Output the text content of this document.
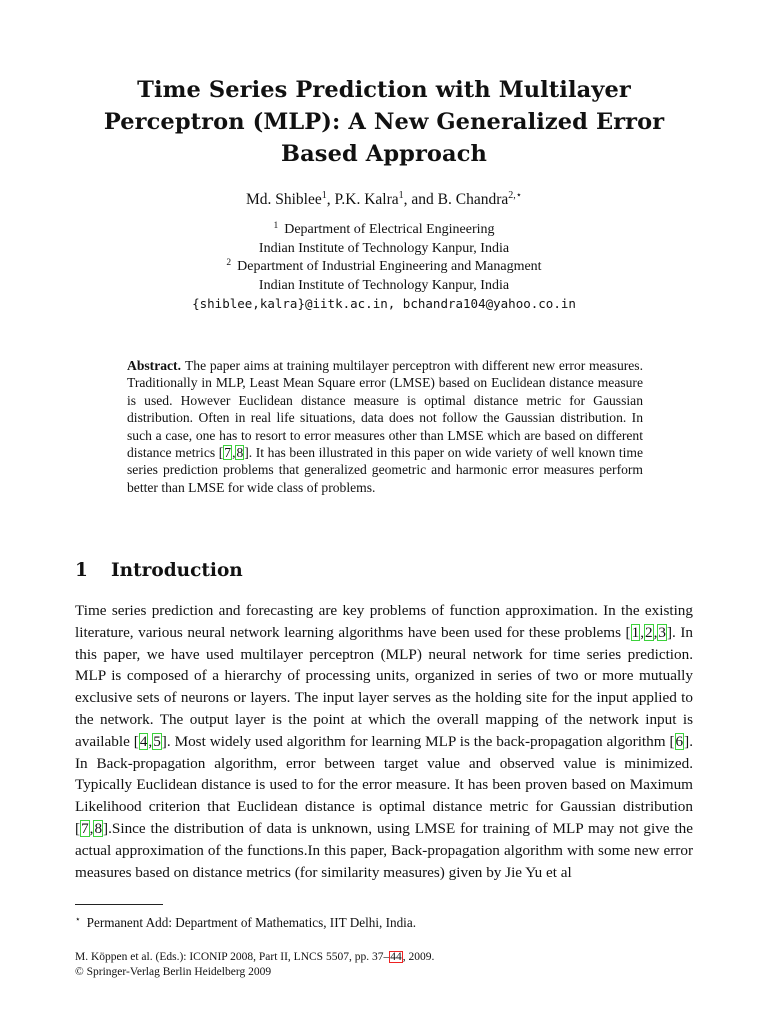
Time Series Prediction with Multilayer
Perceptron (MLP): A New Generalized Error
Based Approach
Md. Shiblee$^1$, P.K. Kalra$^1$, and B. Chandra$^{2,⋆}$
$^1$ Department of Electrical Engineering
Indian Institute of Technology Kanpur, India
$^2$ Department of Industrial Engineering and Managment
Indian Institute of Technology Kanpur, India
{shiblee,kalra}@iitk.ac.in, bchandra104@yahoo.co.in
Abstract. The paper aims at training multilayer perceptron with different new error measures. Traditionally in MLP, Least Mean Square error (LMSE) based on Euclidean distance measure is used. However Euclidean distance measure is optimal distance metric for Gaussian distribution. Often in real life situations, data does not follow the Gaussian distribution. In such a case, one has to resort to error measures other than LMSE which are based on different distance metrics [7,8]. It has been illustrated in this paper on wide variety of well known time series prediction problems that generalized geometric and harmonic error measures perform better than LMSE for wide class of problems.
1 Introduction
Time series prediction and forecasting are key problems of function approximation. In the existing literature, various neural network learning algorithms have been used for these problems [1,2,3]. In this paper, we have used multilayer perceptron (MLP) neural network for time series prediction. MLP is composed of a hierarchy of processing units, organized in series of two or more mutually exclusive sets of neurons or layers. The input layer serves as the holding site for the input applied to the network. The output layer is the point at which the overall mapping of the network input is available [4,5]. Most widely used algorithm for learning MLP is the back-propagation algorithm [6]. In Back-propagation algorithm, error between target value and observed value is minimized. Typically Euclidean distance is used to for the error measure. It has been proven based on Maximum Likelihood criterion that Euclidean distance is optimal distance metric for Gaussian distribution [7,8].Since the distribution of data is unknown, using LMSE for training of MLP may not give the actual approximation of the functions.In this paper, Back-propagation algorithm with some new error measures based on distance metrics (for similarity measures) given by Jie Yu et al
⋆ Permanent Add: Department of Mathematics, IIT Delhi, India.
M. Köppen et al. (Eds.): ICONIP 2008, Part II, LNCS 5507, pp. 37–44, 2009.
© Springer-Verlag Berlin Heidelberg 2009
